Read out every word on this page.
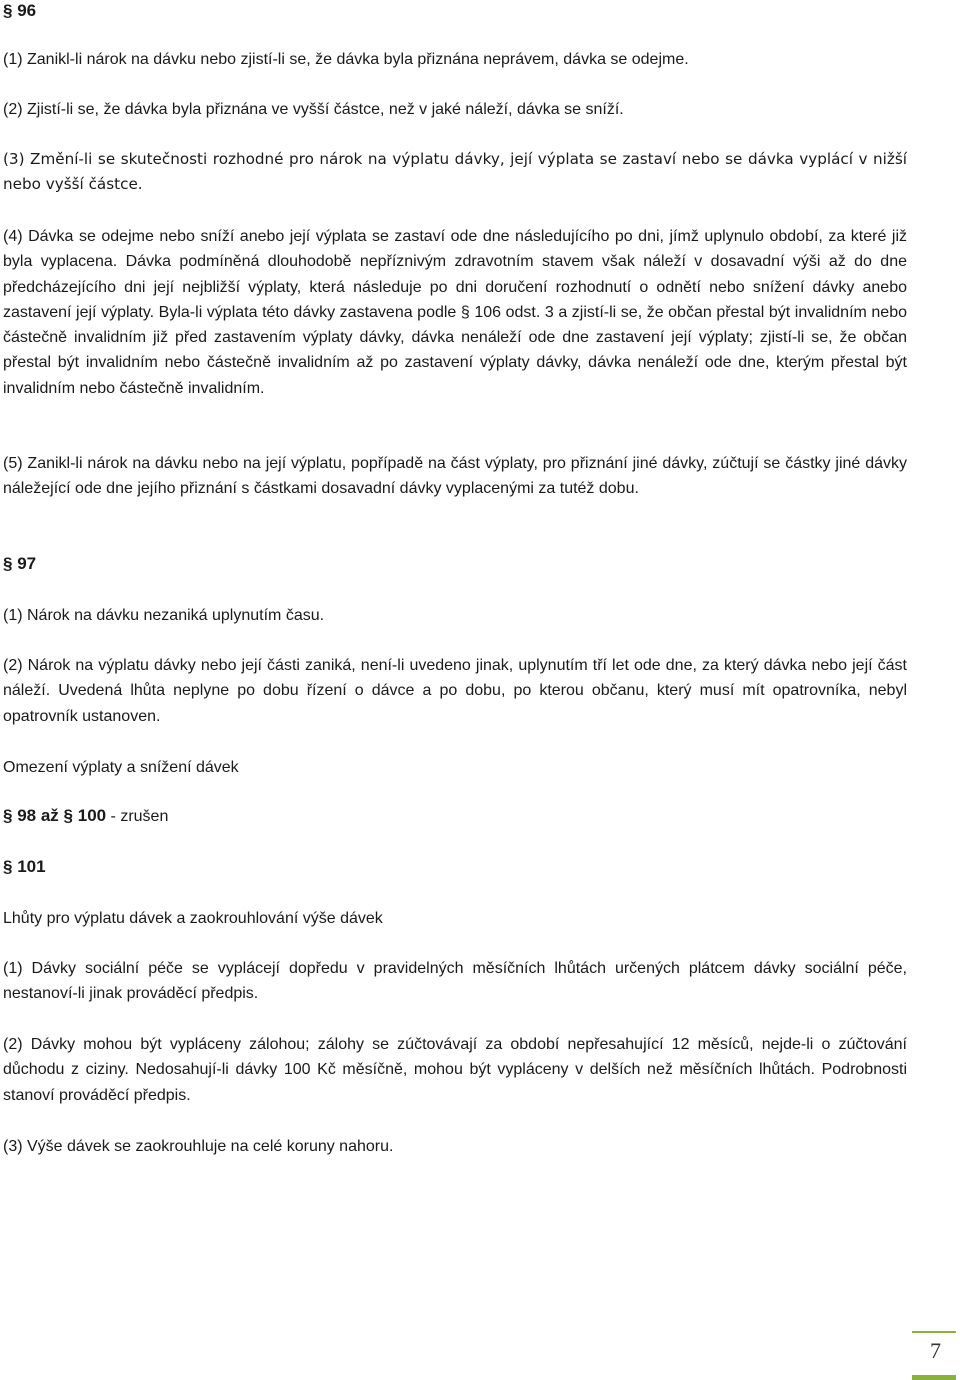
§ 96

(1) Zanikl-li nárok na dávku nebo zjistí-li se, že dávka byla přiznána neprávem, dávka se odejme.

(2) Zjistí-li se, že dávka byla přiznána ve vyšší částce, než v jaké náleží, dávka se sníží.

(3) Změní-li se skutečnosti rozhodné pro nárok na výplatu dávky, její výplata se zastaví nebo se dávka vyplácí v nižší nebo vyšší částce.

(4) Dávka se odejme nebo sníží anebo její výplata se zastaví ode dne následujícího po dni, jímž uplynulo období, za které již byla vyplacena. Dávka podmíněná dlouhodobě nepříznivým zdravotním stavem však náleží v dosavadní výši až do dne předcházejícího dni její nejbližší výplaty, která následuje po dni doručení rozhodnutí o odnětí nebo snížení dávky anebo zastavení její výplaty. Byla-li výplata této dávky zastavena podle § 106 odst. 3 a zjistí-li se, že občan přestal být invalidním nebo částečně invalidním již před zastavením výplaty dávky, dávka nenáleží ode dne zastavení její výplaty; zjistí-li se, že občan přestal být invalidním nebo částečně invalidním až po zastavení výplaty dávky, dávka nenáleží ode dne, kterým přestal být invalidním nebo částečně invalidním.

(5) Zanikl-li nárok na dávku nebo na její výplatu, popřípadě na část výplaty, pro přiznání jiné dávky, zúčtují se částky jiné dávky náležející ode dne jejího přiznání s částkami dosavadní dávky vyplacenými za tutéž dobu.

§ 97

(1) Nárok na dávku nezaniká uplynutím času.

(2) Nárok na výplatu dávky nebo její části zaniká, není-li uvedeno jinak, uplynutím tří let ode dne, za který dávka nebo její část náleží. Uvedená lhůta neplyne po dobu řízení o dávce a po dobu, po kterou občanu, který musí mít opatrovníka, nebyl opatrovník ustanoven.

Omezení výplaty a snížení dávek

§ 98 až § 100 - zrušen
§ 101

Lhůty pro výplatu dávek a zaokrouhlování výše dávek

(1) Dávky sociální péče se vyplácejí dopředu v pravidelných měsíčních lhůtách určených plátcem dávky sociální péče, nestanoví-li jinak prováděcí předpis.

(2) Dávky mohou být vypláceny zálohou; zálohy se zúčtovávají za období nepřesahující 12 měsíců, nejde-li o zúčtování důchodu z ciziny. Nedosahují-li dávky 100 Kč měsíčně, mohou být vypláceny v delších než měsíčních lhůtách. Podrobnosti stanoví prováděcí předpis.

(3) Výše dávek se zaokrouhluje na celé koruny nahoru.

7
